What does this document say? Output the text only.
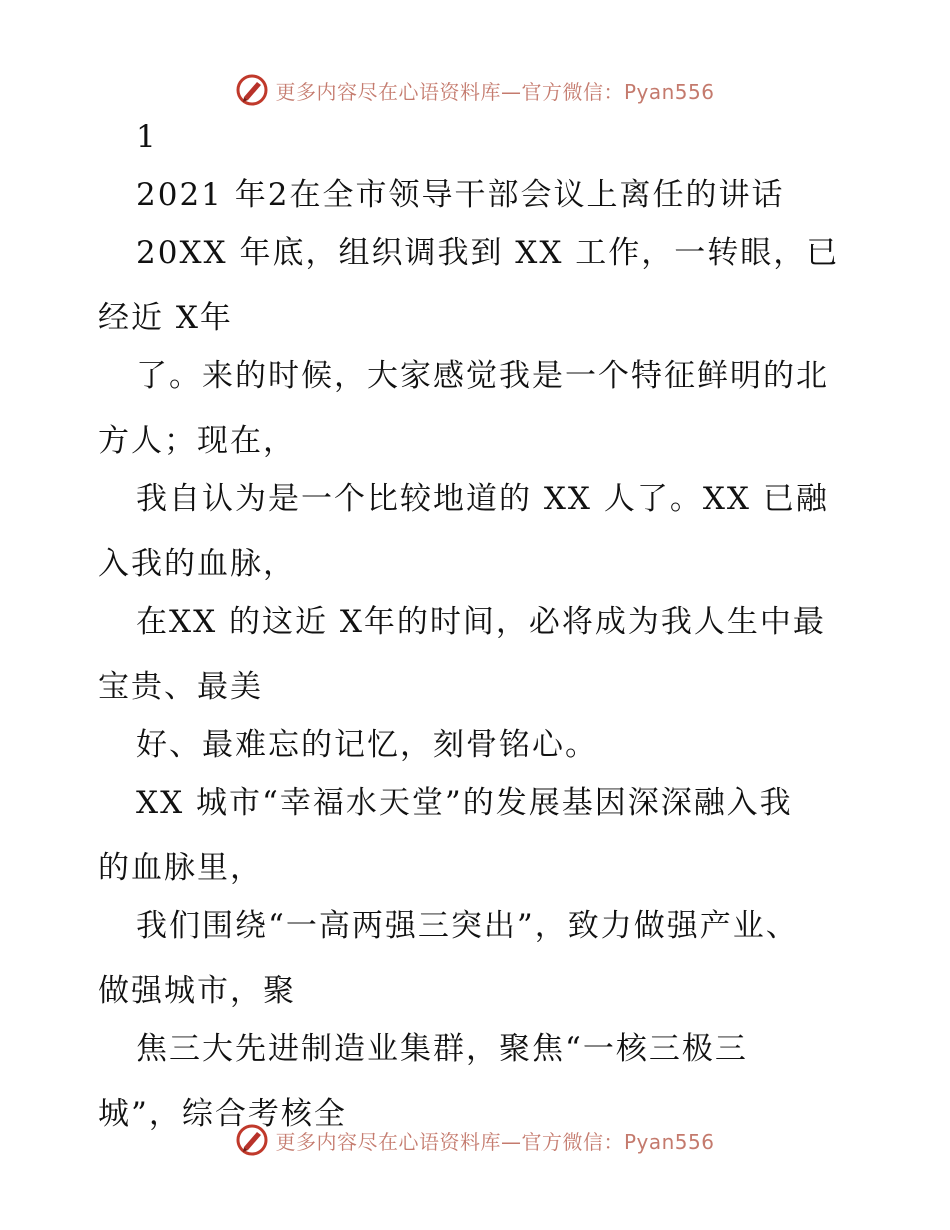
更多内容尽在心语资料库—官方微信：Pyan556
1
2021 年2在全市领导干部会议上离任的讲话
20XX 年底，组织调我到 XX 工作，一转眼，已
经近 X年
了。来的时候，大家感觉我是一个特征鲜明的北
方人；现在，
我自认为是一个比较地道的 XX 人了。XX 已融
入我的血脉，
在XX 的这近 X年的时间，必将成为我人生中最
宝贵、最美
好、最难忘的记忆，刻骨铭心。
XX 城市“幸福水天堂”的发展基因深深融入我
的血脉里，
我们围绕“一高两强三突出”，致力做强产业、
做强城市，聚
焦三大先进制造业集群，聚焦“一核三极三
城”，综合考核全
更多内容尽在心语资料库—官方微信：Pyan556
